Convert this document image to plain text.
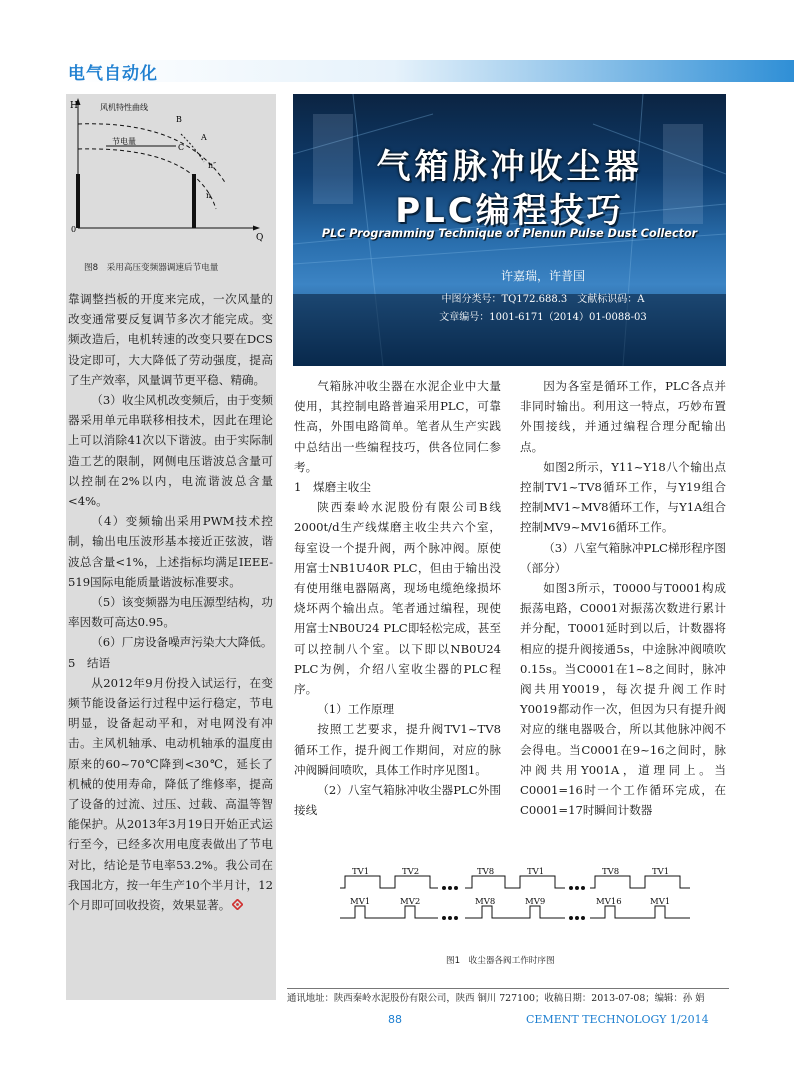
电气自动化
H
Q
0
风机特性曲线
节电量	A
B
C
n″
n
图8　采用高压变频器调速后节电量

靠调整挡板的开度来完成，一次风量的改变通常要反复调节多次才能完成。变频改造后，电机转速的改变只要在DCS设定即可，大大降低了劳动强度，提高了生产效率，风量调节更平稳、精确。

（3）收尘风机改变频后，由于变频器采用单元串联移相技术，因此在理论上可以消除41次以下谐波。由于实际制造工艺的限制，网侧电压谐波总含量可以控制在2%以内，电流谐波总含量<4%。

（4）变频输出采用PWM技术控制，输出电压波形基本接近正弦波，谐波总含量<1%，上述指标均满足IEEE-519国际电能质量谐波标准要求。

（5）该变频器为电压源型结构，功率因数可高达0.95。

（6）厂房设备噪声污染大大降低。

5　结语

从2012年9月份投入试运行，在变频节能设备运行过程中运行稳定，节电明显，设备起动平和，对电网没有冲击。主风机轴承、电动机轴承的温度由原来的60~70℃降到<30℃，延长了机械的使用寿命，降低了维修率，提高了设备的过流、过压、过载、高温等智能保护。从2013年3月19日开始正式运行至今，已经多次用电度表做出了节电对比，结论是节电率53.2%。我公司在我国北方，按一年生产10个半月计，12个月即可回收投资，效果显著。

气箱脉冲收尘器
PLC编程技巧
PLC Programming Technique of Plenun Pulse Dust Collector
许嘉瑞，许普国
中图分类号：TQ172.688.3　文献标识码：A
文章编号：1001-6171（2014）01-0088-03

气箱脉冲收尘器在水泥企业中大量使用，其控制电路普遍采用PLC，可靠性高，外围电路简单。笔者从生产实践中总结出一些编程技巧，供各位同仁参考。

1　煤磨主收尘

陕西秦岭水泥股份有限公司B线2000t/d生产线煤磨主收尘共六个室，每室设一个提升阀，两个脉冲阀。原使用富士NB1U40R PLC，但由于输出没有使用继电器隔离，现场电缆绝缘损坏烧坏两个输出点。笔者通过编程，现使用富士NB0U24 PLC即轻松完成，甚至可以控制八个室。以下即以NB0U24 PLC为例，介绍八室收尘器的PLC程序。

（1）工作原理

按照工艺要求，提升阀TV1~TV8循环工作，提升阀工作期间，对应的脉冲阀瞬间喷吹，具体工作时序见图1。

（2）八室气箱脉冲收尘器PLC外围接线

因为各室是循环工作，PLC各点并非同时输出。利用这一特点，巧妙布置外围接线，并通过编程合理分配输出点。

如图2所示，Y11~Y18八个输出点控制TV1~TV8循环工作，与Y19组合控制MV1~MV8循环工作，与Y1A组合控制MV9~MV16循环工作。

（3）八室气箱脉冲PLC梯形程序图（部分）

如图3所示，T0000与T0001构成振荡电路，C0001对振荡次数进行累计并分配，T0001延时到以后，计数器将相应的提升阀接通5s，中途脉冲阀喷吹0.15s。当C0001在1~8之间时，脉冲阀共用Y0019，每次提升阀工作时Y0019都动作一次，但因为只有提升阀对应的继电器吸合，所以其他脉冲阀不会得电。当C0001在9~16之间时，脉冲阀共用Y001A，道理同上。当C0001=16时一个工作循环完成，在C0001=17时瞬间计数器

TV1	TV2	TV8	TV1	TV8	TV1
MV1	MV2	MV8	MV9	MV16	MV1
图1　收尘器各阀工作时序图
通讯地址：陕西秦岭水泥股份有限公司，陕西 铜川 727100；收稿日期：2013-07-08；编辑：孙 娟
88	CEMENT TECHNOLOGY 1/2014
